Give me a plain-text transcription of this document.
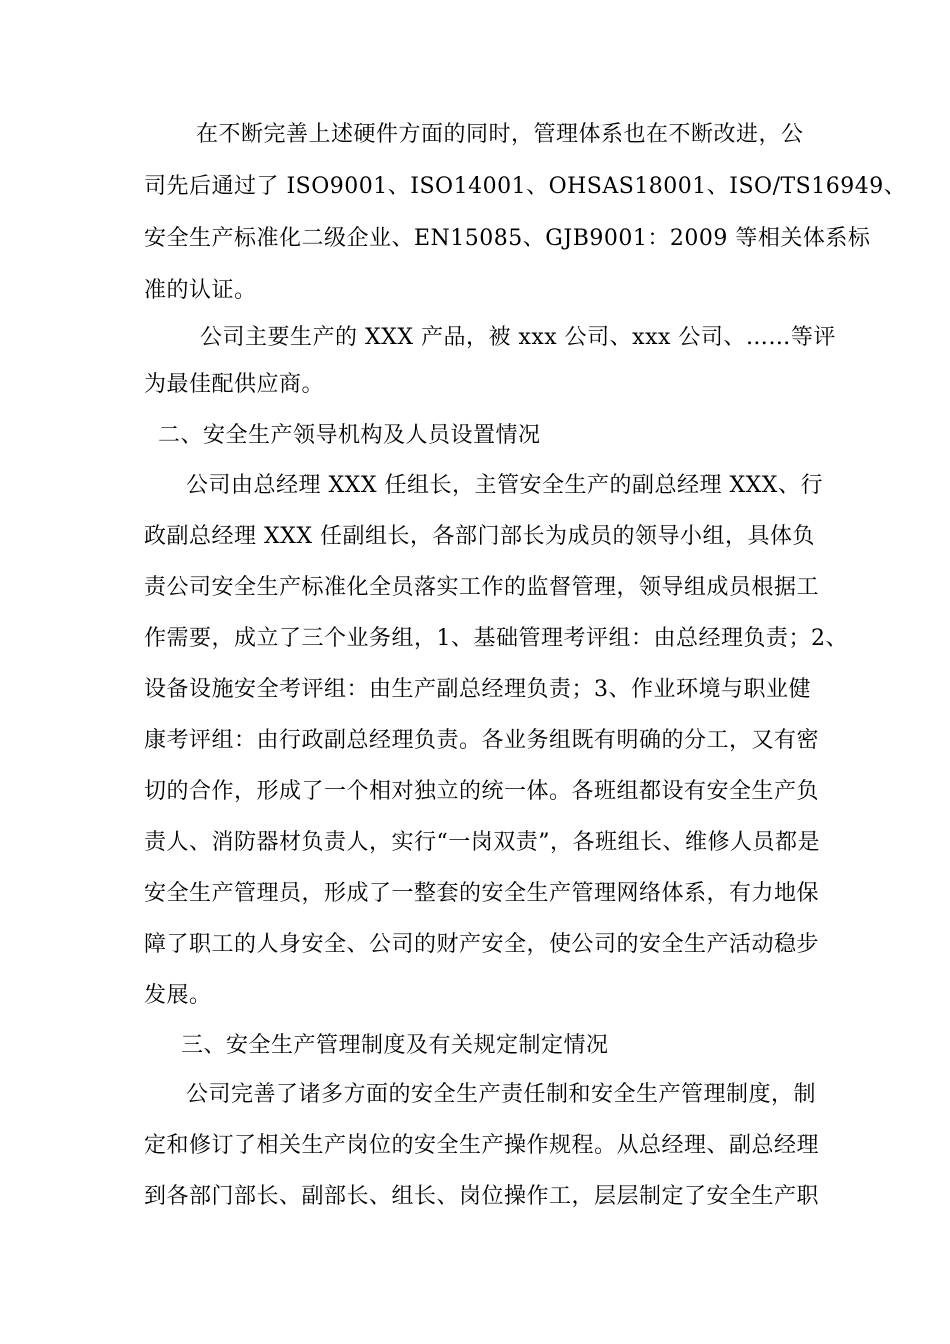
在不断完善上述硬件方面的同时，管理体系也在不断改进，公
司先后通过了 ISO9001、ISO14001、OHSAS18001、ISO/TS16949、
安全生产标准化二级企业、EN15085、GJB9001：2009 等相关体系标
准的认证。
公司主要生产的 XXX 产品，被 xxx 公司、xxx 公司、……等评
为最佳配供应商。
二、安全生产领导机构及人员设置情况
公司由总经理 XXX 任组长，主管安全生产的副总经理 XXX、行
政副总经理 XXX 任副组长，各部门部长为成员的领导小组，具体负
责公司安全生产标准化全员落实工作的监督管理，领导组成员根据工
作需要，成立了三个业务组，1、基础管理考评组：由总经理负责；2、
设备设施安全考评组：由生产副总经理负责；3、作业环境与职业健
康考评组：由行政副总经理负责。各业务组既有明确的分工，又有密
切的合作，形成了一个相对独立的统一体。各班组都设有安全生产负
责人、消防器材负责人，实行“一岗双责”，各班组长、维修人员都是
安全生产管理员，形成了一整套的安全生产管理网络体系，有力地保
障了职工的人身安全、公司的财产安全，使公司的安全生产活动稳步
发展。
三、安全生产管理制度及有关规定制定情况
公司完善了诸多方面的安全生产责任制和安全生产管理制度，制
定和修订了相关生产岗位的安全生产操作规程。从总经理、副总经理
到各部门部长、副部长、组长、岗位操作工，层层制定了安全生产职
